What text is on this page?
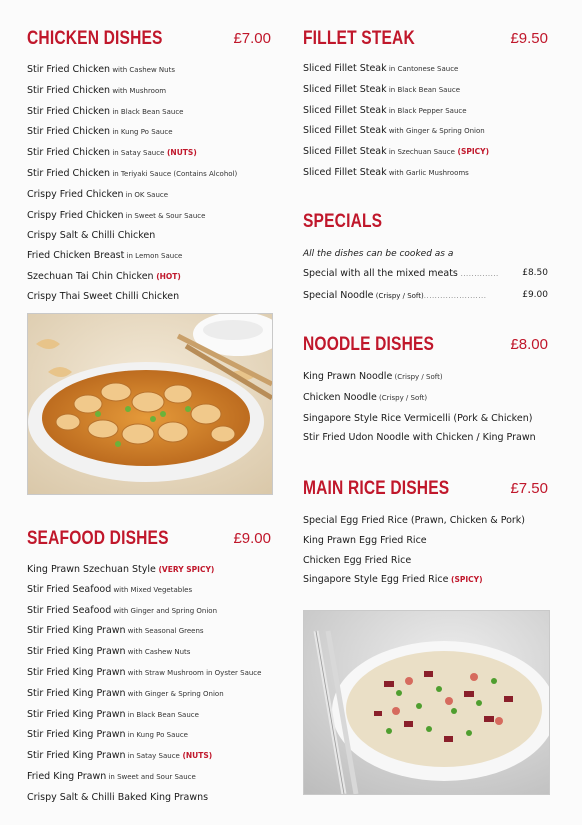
CHICKEN DISHES	£7.00
Stir Fried Chicken with Cashew Nuts
Stir Fried Chicken with Mushroom
Stir Fried Chicken in Black Bean Sauce
Stir Fried Chicken in Kung Po Sauce
Stir Fried Chicken in Satay Sauce (NUTS)
Stir Fried Chicken in Teriyaki Sauce (Contains Alcohol)
Crispy Fried Chicken in OK Sauce
Crispy Fried Chicken in Sweet & Sour Sauce
Crispy Salt & Chilli Chicken
Fried Chicken Breast in Lemon Sauce
Szechuan Tai Chin Chicken (HOT)
Crispy Thai Sweet Chilli Chicken
SEAFOOD DISHES	£9.00
King Prawn Szechuan Style (VERY SPICY)
Stir Fried Seafood with Mixed Vegetables
Stir Fried Seafood with Ginger and Spring Onion
Stir Fried King Prawn with Seasonal Greens
Stir Fried King Prawn with Cashew Nuts
Stir Fried King Prawn with Straw Mushroom in Oyster Sauce
Stir Fried King Prawn with Ginger & Spring Onion
Stir Fried King Prawn in Black Bean Sauce
Stir Fried King Prawn in Kung Po Sauce
Stir Fried King Prawn in Satay Sauce (NUTS)
Fried King Prawn in Sweet and Sour Sauce
Crispy Salt & Chilli Baked King Prawns
FILLET STEAK	£9.50
Sliced Fillet Steak in Cantonese Sauce
Sliced Fillet Steak in Black Bean Sauce
Sliced Fillet Steak in Black Pepper Sauce
Sliced Fillet Steak with Ginger & Spring Onion
Sliced Fillet Steak in Szechuan Sauce (SPICY)
Sliced Fillet Steak with Garlic Mushrooms
SPECIALS
All the dishes can be cooked as a
Special with all the mixed meats ..............	£8.50
Special Noodle (Crispy / Soft).......................	£9.00
NOODLE DISHES	£8.00
King Prawn Noodle (Crispy / Soft)
Chicken Noodle (Crispy / Soft)
Singapore Style Rice Vermicelli (Pork & Chicken)
Stir Fried Udon Noodle with Chicken / King Prawn
MAIN RICE DISHES	£7.50
Special Egg Fried Rice (Prawn, Chicken & Pork)
King Prawn Egg Fried Rice
Chicken Egg Fried Rice
Singapore Style Egg Fried Rice (SPICY)
